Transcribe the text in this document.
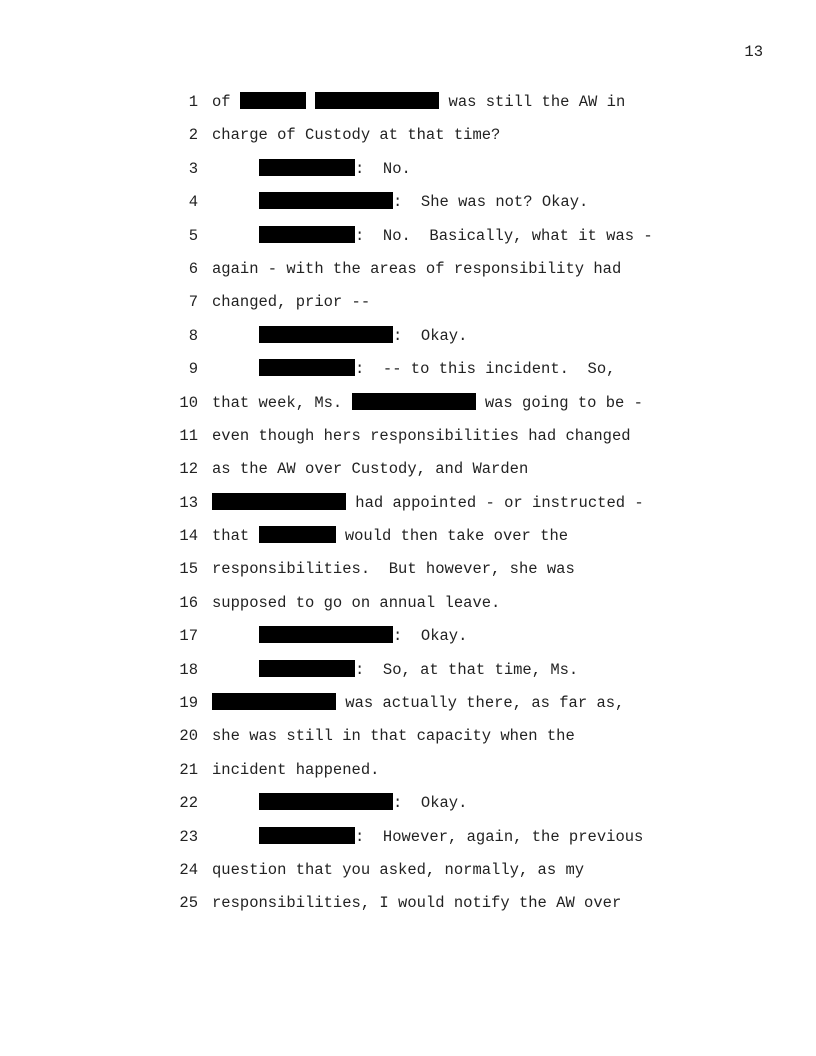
13
1 of	was still the AW in
2 charge of Custody at that time?
3	:  No.
4	:  She was not? Okay.
5	:  No.  Basically, what it was -
6 again - with the areas of responsibility had
7 changed, prior --
8	:  Okay.
9	:  -- to this incident.  So,
10 that week, Ms.	was going to be -
11 even though hers responsibilities had changed
12 as the AW over Custody, and Warden
13	had appointed - or instructed -
14 that	would then take over the
15 responsibilities.  But however, she was
16 supposed to go on annual leave.
17	:  Okay.
18	:  So, at that time, Ms.
19	was actually there, as far as,
20 she was still in that capacity when the
21 incident happened.
22	:  Okay.
23	:  However, again, the previous
24 question that you asked, normally, as my
25 responsibilities, I would notify the AW over
